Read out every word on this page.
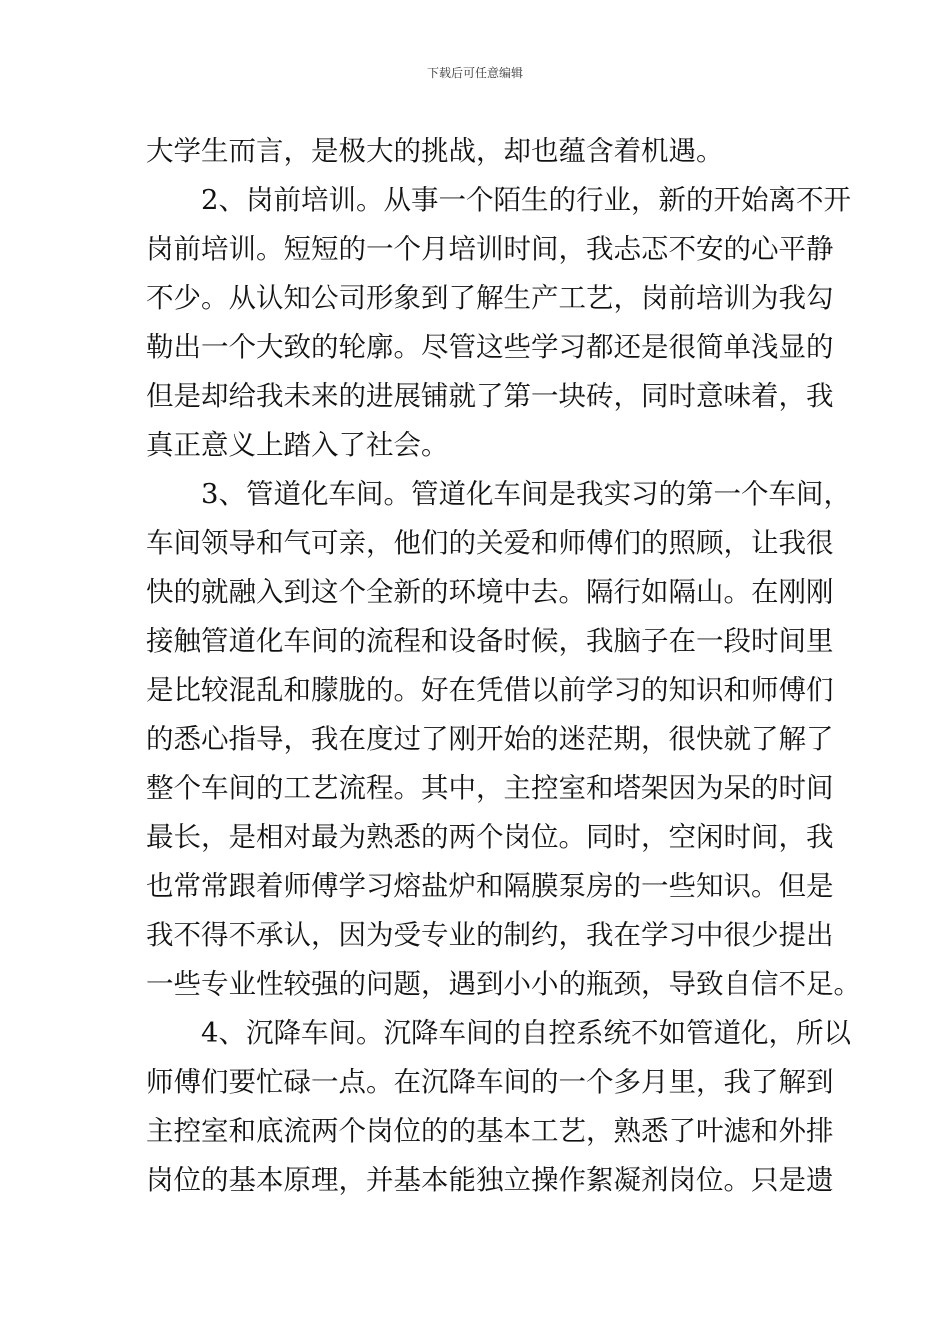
下载后可任意编辑
大学生而言，是极大的挑战，却也蕴含着机遇。
2、岗前培训。从事一个陌生的行业，新的开始离不开
岗前培训。短短的一个月培训时间，我忐忑不安的心平静
不少。从认知公司形象到了解生产工艺，岗前培训为我勾
勒出一个大致的轮廓。尽管这些学习都还是很简单浅显的
但是却给我未来的进展铺就了第一块砖，同时意味着，我
真正意义上踏入了社会。
3、管道化车间。管道化车间是我实习的第一个车间，
车间领导和气可亲，他们的关爱和师傅们的照顾，让我很
快的就融入到这个全新的环境中去。隔行如隔山。在刚刚
接触管道化车间的流程和设备时候，我脑子在一段时间里
是比较混乱和朦胧的。好在凭借以前学习的知识和师傅们
的悉心指导，我在度过了刚开始的迷茫期，很快就了解了
整个车间的工艺流程。其中，主控室和塔架因为呆的时间
最长，是相对最为熟悉的两个岗位。同时，空闲时间，我
也常常跟着师傅学习熔盐炉和隔膜泵房的一些知识。但是
我不得不承认，因为受专业的制约，我在学习中很少提出
一些专业性较强的问题，遇到小小的瓶颈，导致自信不足。
4、沉降车间。沉降车间的自控系统不如管道化，所以
师傅们要忙碌一点。在沉降车间的一个多月里，我了解到
主控室和底流两个岗位的的基本工艺，熟悉了叶滤和外排
岗位的基本原理，并基本能独立操作絮凝剂岗位。只是遗
